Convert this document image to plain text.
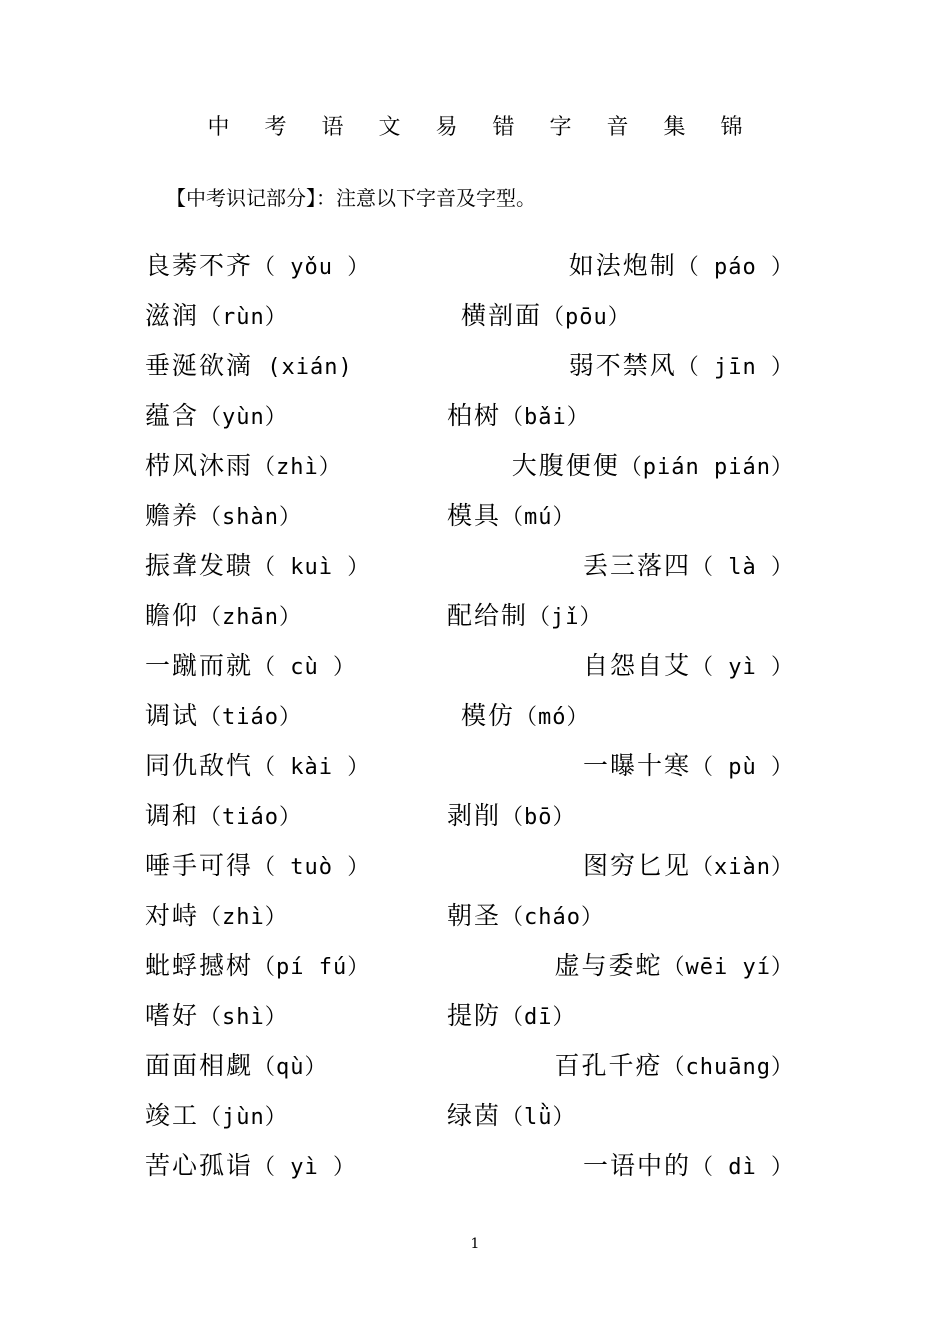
中 考 语 文 易 错 字 音 集 锦
【中考识记部分】：注意以下字音及字型。
良莠不齐（ yǒu ）	如法炮制（ páo ）
滋润（rùn）	横剖面（pōu）
垂涎欲滴 (xián)	弱不禁风（ jīn ）
蕴含（yùn）	柏树（bǎi）
栉风沐雨（zhì）	大腹便便（pián pián）
赡养（shàn）	模具（mú）
振聋发聩（ kuì ）	丢三落四（ là ）
瞻仰（zhān）	配给制（jǐ）
一蹴而就（ cù ）	自怨自艾（ yì ）
调试（tiáo）	模仿（mó）
同仇敌忾（ kài ）	一曝十寒（ pù ）
调和（tiáo）	剥削（bō）
唾手可得（ tuò ）	图穷匕见（xiàn）
对峙（zhì）	朝圣（cháo）
蚍蜉撼树（pí fú）	虚与委蛇（wēi yí）
嗜好（shì）	提防（dī）
面面相觑（qù）	百孔千疮（chuāng）
竣工（jùn）	绿茵（lǜ）
苦心孤诣（ yì ）	一语中的（ dì ）
1
